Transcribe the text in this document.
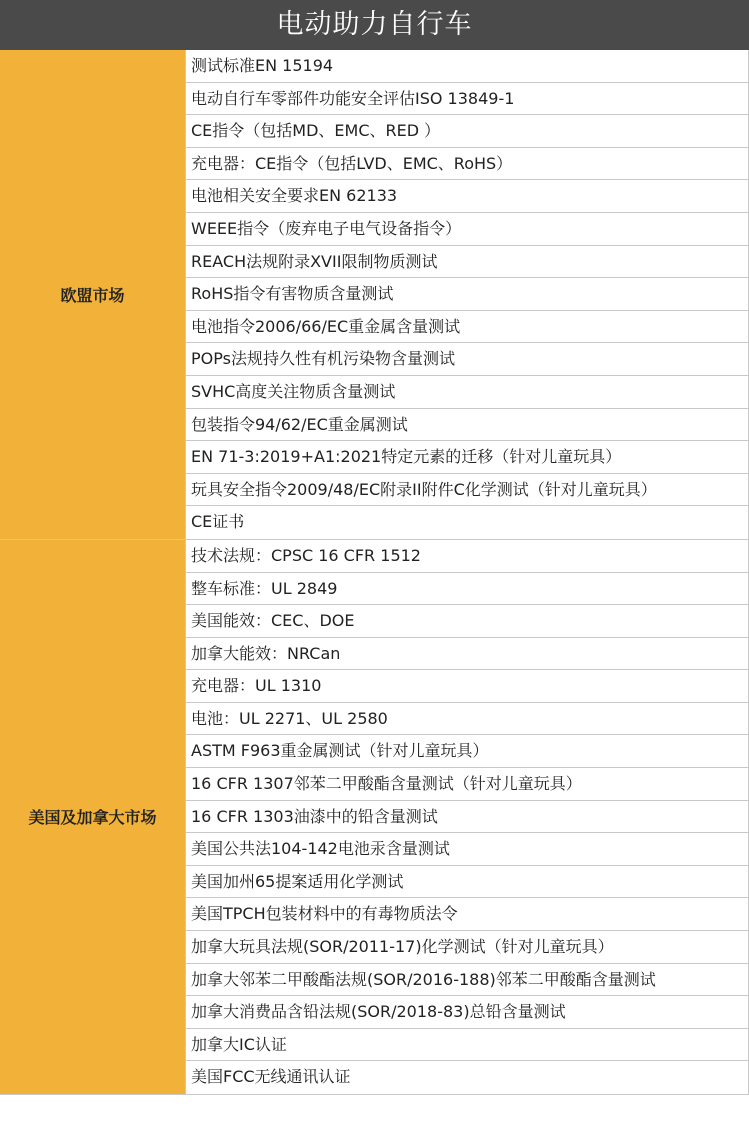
电动助力自行车
欧盟市场
测试标准EN 15194
电动自行车零部件功能安全评估ISO 13849-1
CE指令（包括MD、EMC、RED ）
充电器：CE指令（包括LVD、EMC、RoHS）
电池相关安全要求EN 62133
WEEE指令（废弃电子电气设备指令）
REACH法规附录XVII限制物质测试
RoHS指令有害物质含量测试
电池指令2006/66/EC重金属含量测试
POPs法规持久性有机污染物含量测试
SVHC高度关注物质含量测试
包装指令94/62/EC重金属测试
EN 71-3:2019+A1:2021特定元素的迁移（针对儿童玩具）
玩具安全指令2009/48/EC附录II附件C化学测试（针对儿童玩具）
CE证书
美国及加拿大市场
技术法规：CPSC 16 CFR 1512
整车标准：UL 2849
美国能效：CEC、DOE
加拿大能效：NRCan
充电器：UL 1310
电池：UL 2271、UL 2580
ASTM F963重金属测试（针对儿童玩具）
16 CFR 1307邻苯二甲酸酯含量测试（针对儿童玩具）
16 CFR 1303油漆中的铅含量测试
美国公共法104-142电池汞含量测试
美国加州65提案适用化学测试
美国TPCH包装材料中的有毒物质法令
加拿大玩具法规(SOR/2011-17)化学测试（针对儿童玩具）
加拿大邻苯二甲酸酯法规(SOR/2016-188)邻苯二甲酸酯含量测试
加拿大消费品含铅法规(SOR/2018-83)总铅含量测试
加拿大IC认证
美国FCC无线通讯认证
